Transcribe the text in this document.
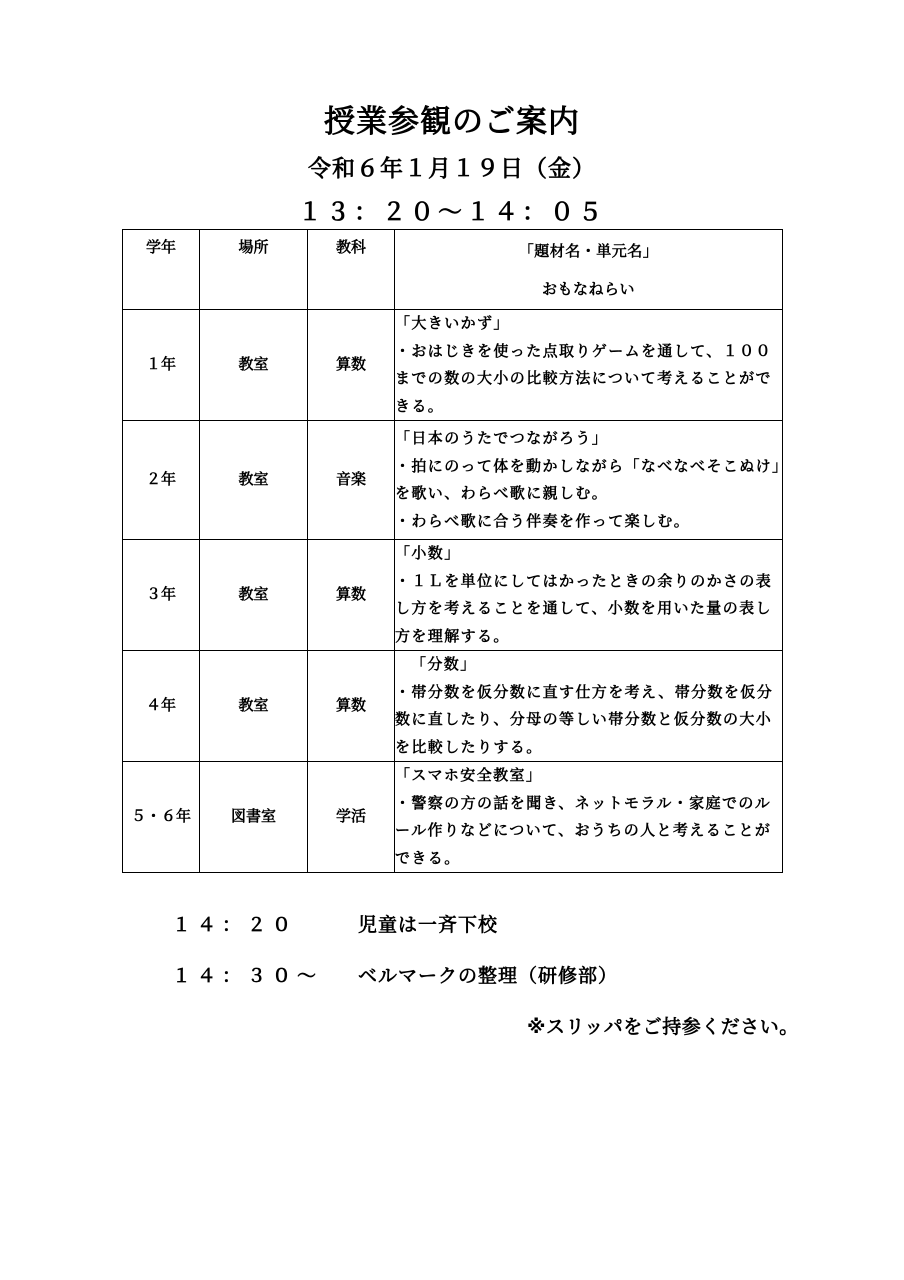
授業参観のご案内
令和６年１月１９日（金）
１３：２０～１４：０５
学年	場所	教科	「題材名・単元名」
おもなねらい

１年	教室	算数	「大きいかず」
・おはじきを使った点取りゲームを通して、１００までの数の大小の比較方法について考えることができる。

２年	教室	音楽	「日本のうたでつながろう」
・拍にのって体を動かしながら「なべなべそこぬけ」を歌い、わらべ歌に親しむ。
・わらべ歌に合う伴奏を作って楽しむ。

３年	教室	算数	「小数」
・１Ｌを単位にしてはかったときの余りのかさの表し方を考えることを通して、小数を用いた量の表し方を理解する。

４年	教室	算数	「分数」
・帯分数を仮分数に直す仕方を考え、帯分数を仮分数に直したり、分母の等しい帯分数と仮分数の大小を比較したりする。

５・６年	図書室	学活	「スマホ安全教室」
・警察の方の話を聞き、ネットモラル・家庭でのルール作りなどについて、おうちの人と考えることができる。
１４：２０	児童は一斉下校
１４：３０～ ベルマークの整理（研修部）
※スリッパをご持参ください。
